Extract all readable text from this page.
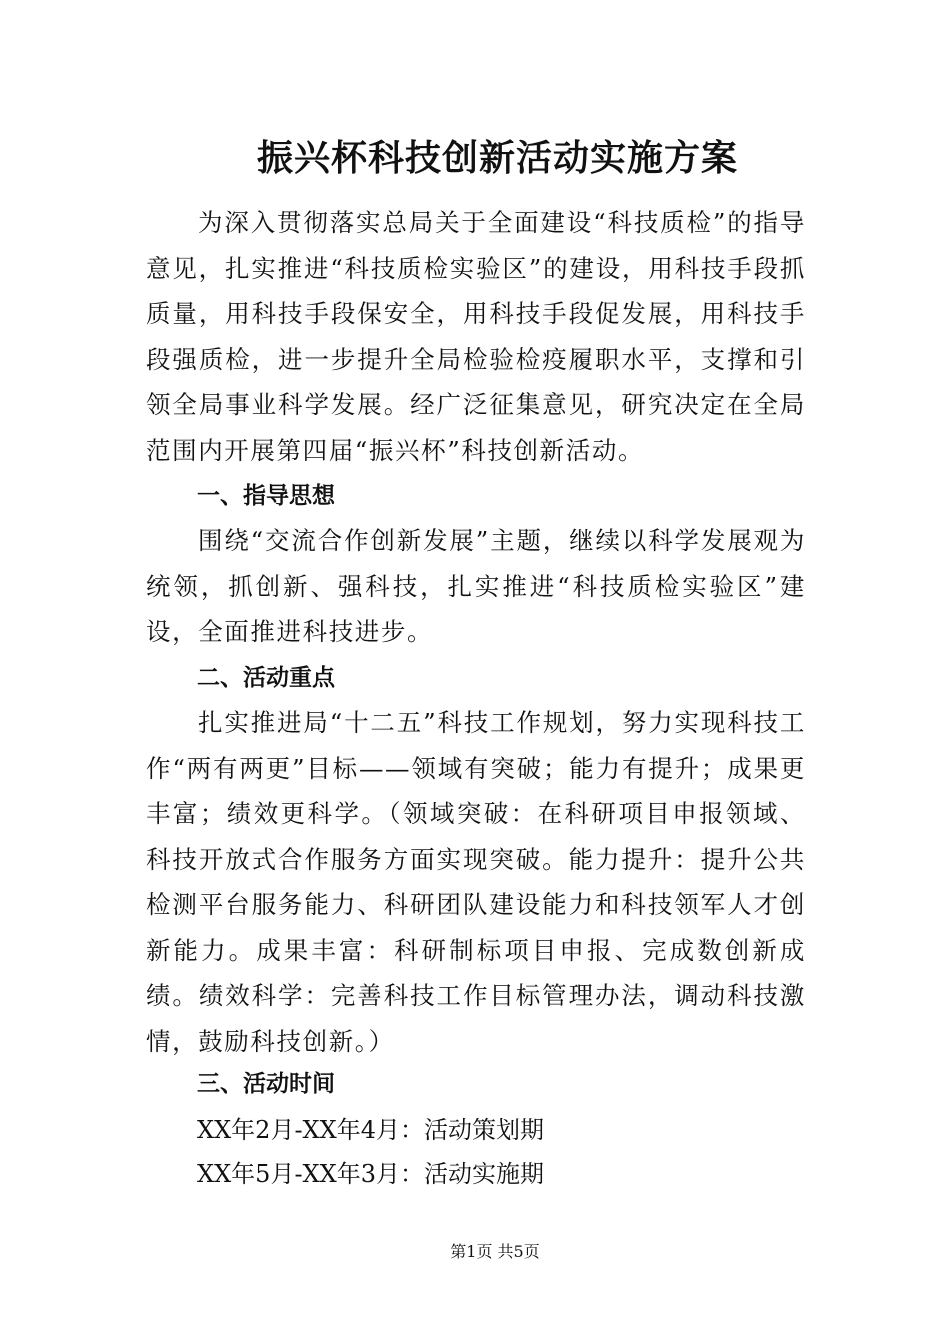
振兴杯科技创新活动实施方案

为深入贯彻落实总局关于全面建设“科技质检”的指导意见，扎实推进“科技质检实验区”的建设，用科技手段抓质量，用科技手段保安全，用科技手段促发展，用科技手段强质检，进一步提升全局检验检疫履职水平，支撑和引领全局事业科学发展。经广泛征集意见，研究决定在全局范围内开展第四届“振兴杯”科技创新活动。

一、指导思想

围绕“交流合作创新发展”主题，继续以科学发展观为统领，抓创新、强科技，扎实推进“科技质检实验区”建设，全面推进科技进步。

二、活动重点

扎实推进局“十二五”科技工作规划，努力实现科技工作“两有两更”目标——领域有突破；能力有提升；成果更丰富；绩效更科学。（领域突破：在科研项目申报领域、科技开放式合作服务方面实现突破。能力提升：提升公共检测平台服务能力、科研团队建设能力和科技领军人才创新能力。成果丰富：科研制标项目申报、完成数创新成绩。绩效科学：完善科技工作目标管理办法，调动科技激情，鼓励科技创新。）

三、活动时间

XX年2月-XX年4月：活动策划期

XX年5月-XX年3月：活动实施期

第1页 共5页
